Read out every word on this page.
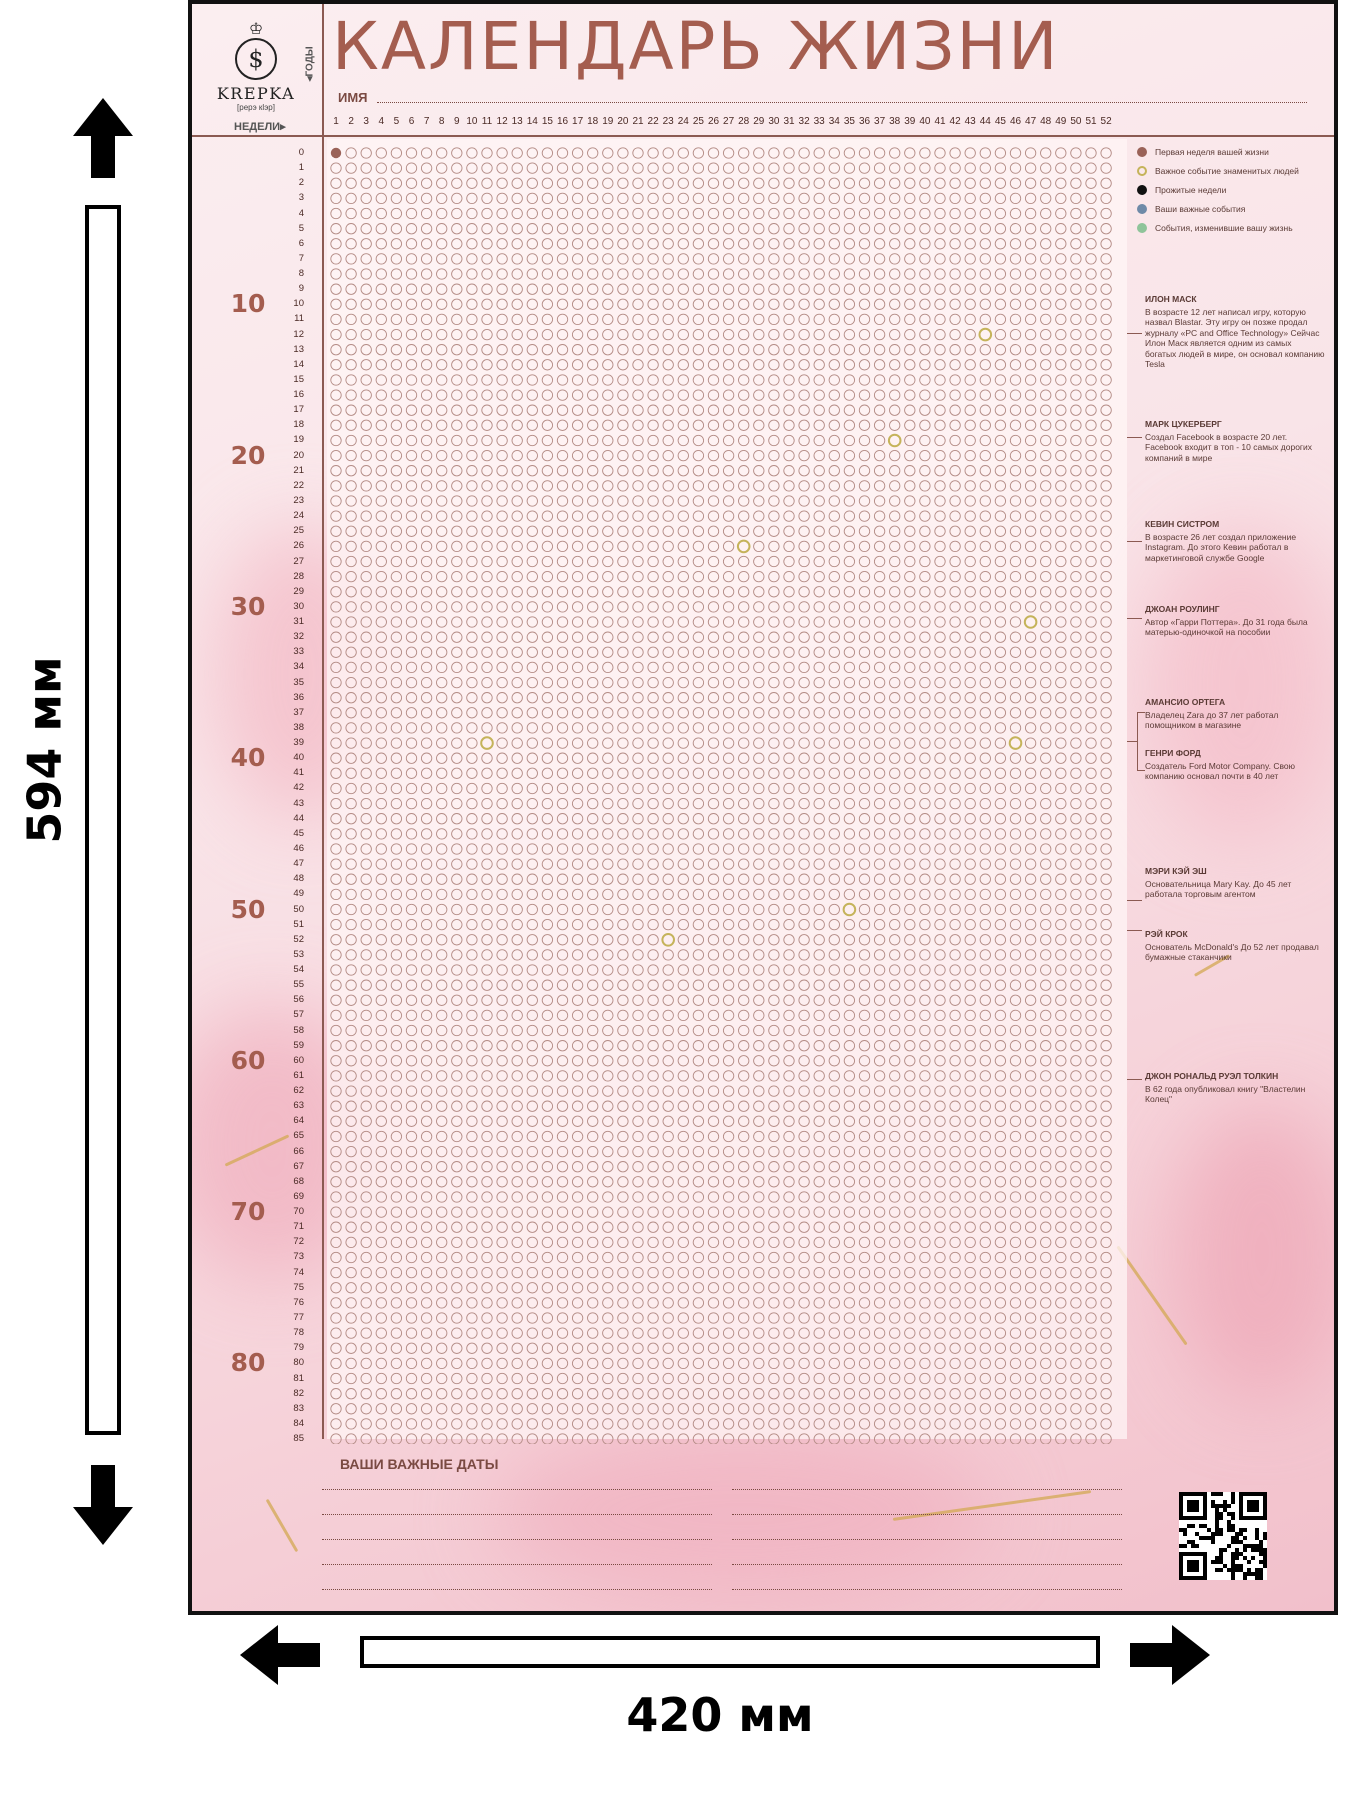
594 мм
420 мм
♔
$
KREPKA
[реpэ кlэр]
НЕДЕЛИ▸
◂ГОДЫ КАЛЕНДАРЬ ЖИЗНИ
ИМЯ
1 2 3 4 5 6 7 8 9 10 11 12 13 14 15 16 17 18 19 20 21 22 23 24 25 26 27 28 29 30 31 32 33 34 35 36 37 38 39 40 41 42 43 44 45 46 47 48 49 50 51 52
0
1
2
3
4
5
6
7
8
9
10
11
12
13
14
15
16
17
18
19
20
21
22
23
24
25
26
27
28
29
30
31
32
33
34
35
36
37
38
39
40
41
42
43
44
45
46
47
48
49
50
51
52
53
54
55
56
57
58
59
60
61
62
63
64
65
66
67
68
69
70
71
72
73
74
75
76
77
78
79
80
81
82
83
84
85
10
20
30
40
50
60
70
80
Первая неделя вашей жизни
Важное событие знаменитых людей
Прожитые недели
Ваши важные события
События, изменившие вашу жизнь
ИЛОН МАСК
В возрасте 12 лет написал игру, которую назвал Blastar. Эту игру он позже продал журналу «PC and Office Technology» Сейчас Илон Маск является одним из самых богатых людей в мире, он основал компанию Tesla
МАРК ЦУКЕРБЕРГ
Создал Facebook в возрасте 20 лет. Facebook входит в топ - 10 самых дорогих компаний в мире
КЕВИН СИСТРОМ
В возрасте 26 лет создал приложение Instagram. До этого Кевин работал в маркетинговой службе Google
ДЖОАН РОУЛИНГ
Автор «Гарри Поттера». До 31 года была матерью-одиночкой на пособии
АМАНСИО ОРТЕГА
Владелец Zara до 37 лет работал помощником в магазине
ГЕНРИ ФОРД
Создатель Ford Motor Company. Свою компанию основал почти в 40 лет
МЭРИ КЭЙ ЭШ
Основательница Mary Kay. До 45 лет работала торговым агентом
РЭЙ КРОК
Основатель McDonald's До 52 лет продавал бумажные стаканчики
ДЖОН РОНАЛЬД РУЭЛ ТОЛКИН
В 62 года опубликовал книгу "Властелин Колец"
ВАШИ ВАЖНЫЕ ДАТЫ
